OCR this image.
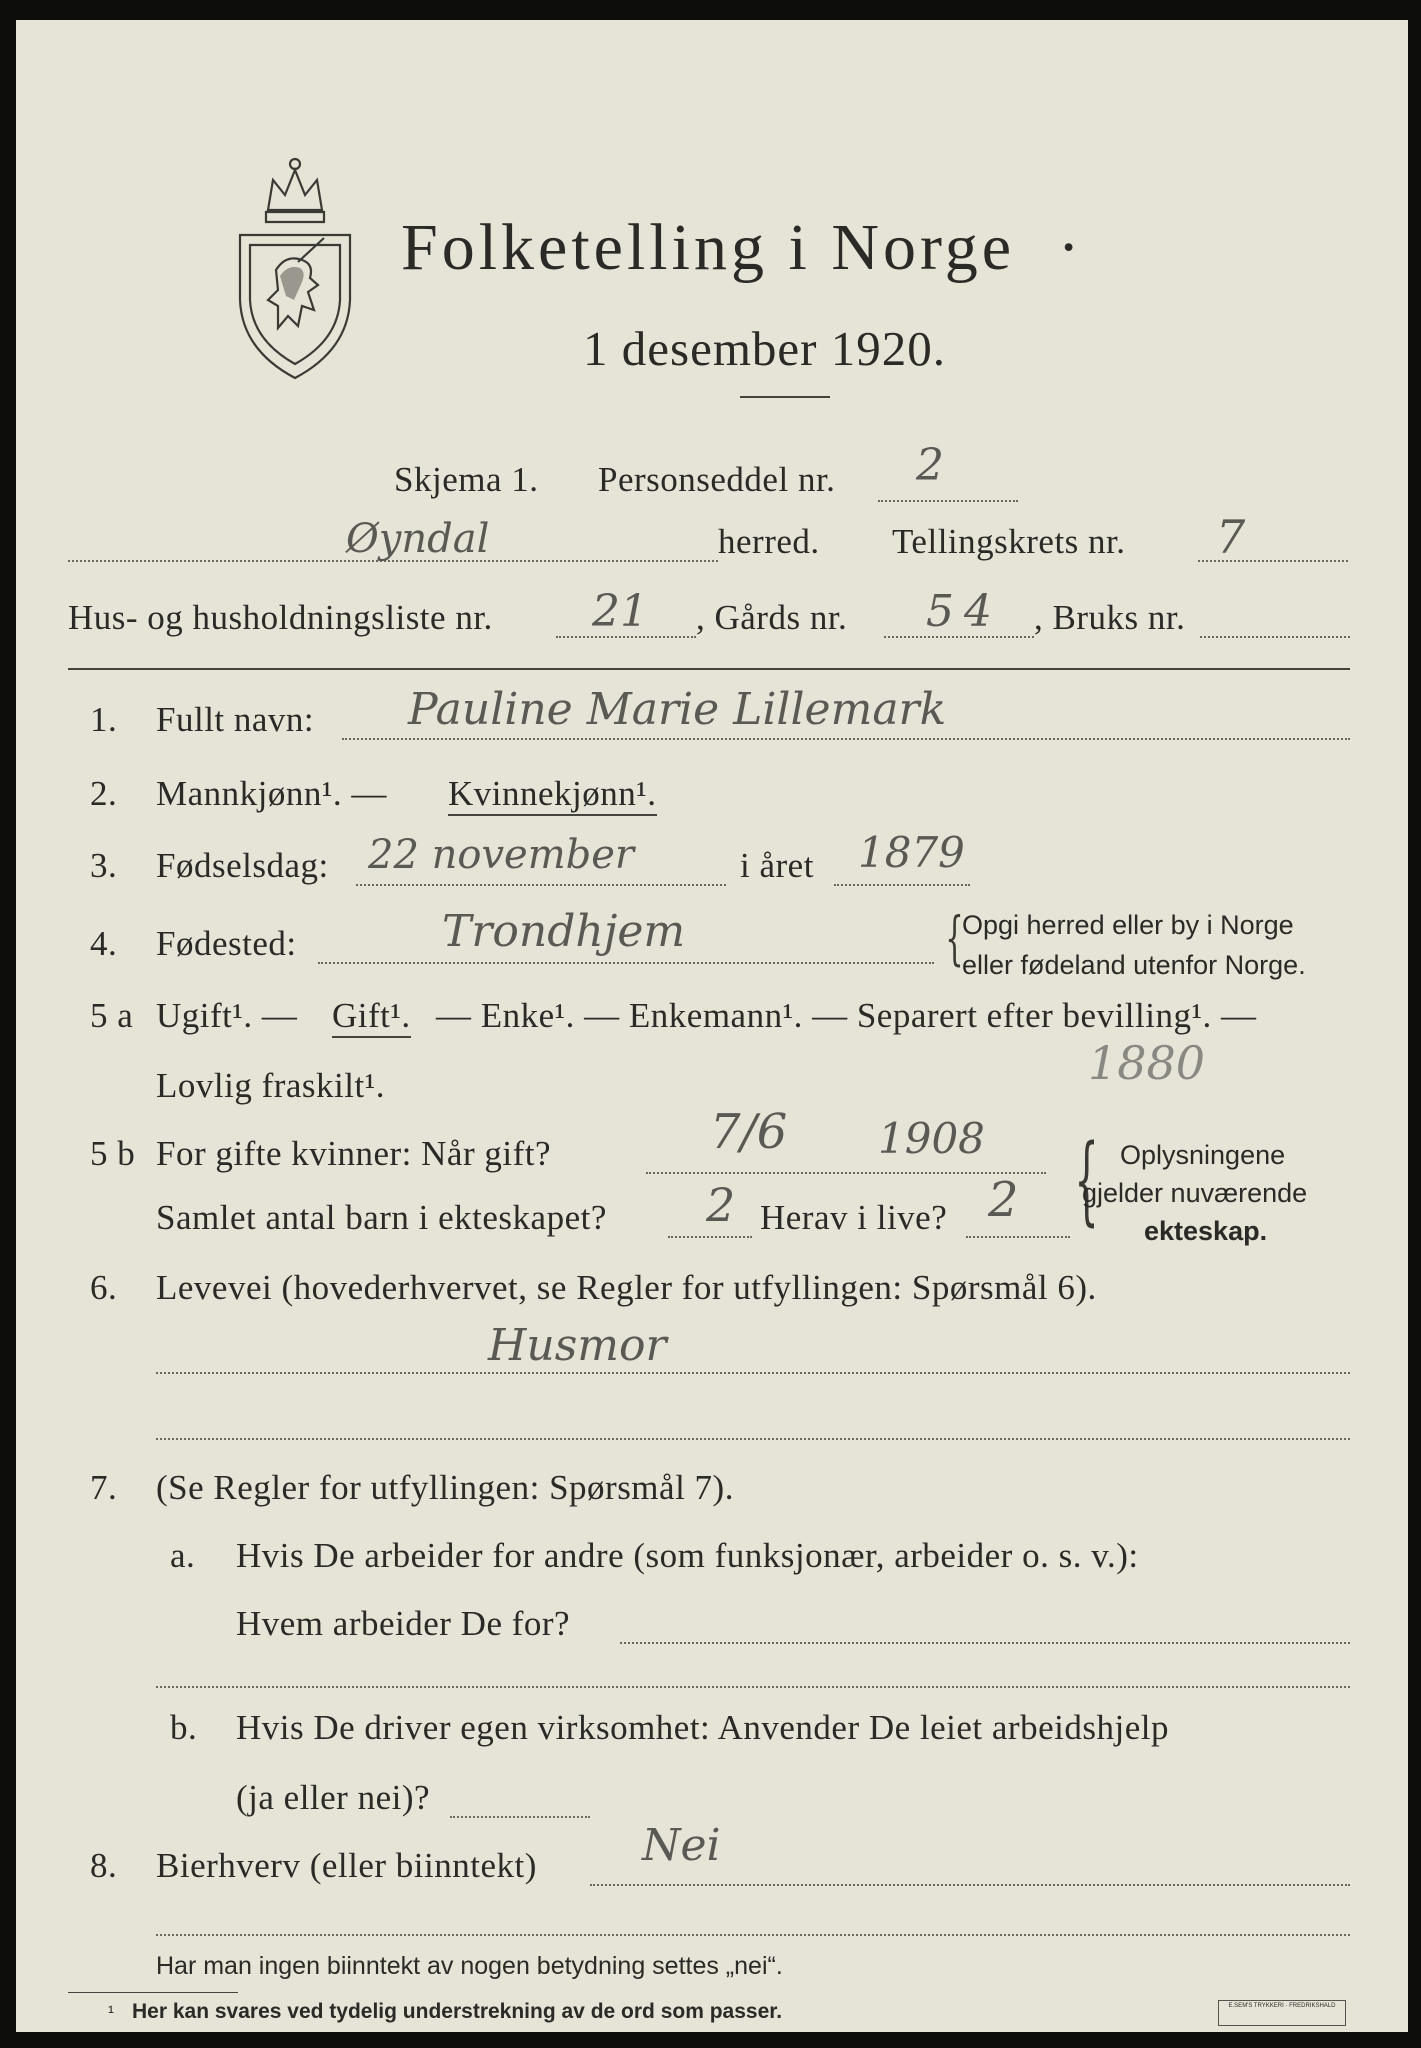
Folketelling i Norge ·
1 desember 1920.
Skjema 1. Personseddel nr. 2
Øyndal	herred. Tellingskrets nr. 7
Hus- og husholdningsliste nr. 21 , Gårds nr. 54 , Bruks nr.
1. Fullt navn: Pauline Marie Lillemark
2. Mannkjønn¹. — Kvinnekjønn¹.
3. Fødselsdag: 22 november	i året 1879
4. Fødested:	Trondhjem	{
Opgi herred eller by i Norge
eller fødeland utenfor Norge.
5 a Ugift¹. — Gift¹. — Enke¹. — Enkemann¹. — Separert efter bevilling¹. —
Lovlig fraskilt¹.	1880
5 b For gifte kvinner: Når gift?	7/6 1908
Samlet antal barn i ekteskapet? 2 Herav i live? 2 { Oplysningene
gjelder nuværende
ekteskap.
6. Levevei (hovederhvervet, se Regler for utfyllingen: Spørsmål 6).
Husmor
7. (Se Regler for utfyllingen: Spørsmål 7).
a. Hvis De arbeider for andre (som funksjonær, arbeider o. s. v.):
Hvem arbeider De for?
b. Hvis De driver egen virksomhet: Anvender De leiet arbeidshjelp
(ja eller nei)?
8. Bierhverv (eller biinntekt) Nei
Har man ingen biinntekt av nogen betydning settes „nei“.
¹ Her kan svares ved tydelig understrekning av de ord som passer.	E.SEM'S TRYKKERI · FREDRIKSHALD
